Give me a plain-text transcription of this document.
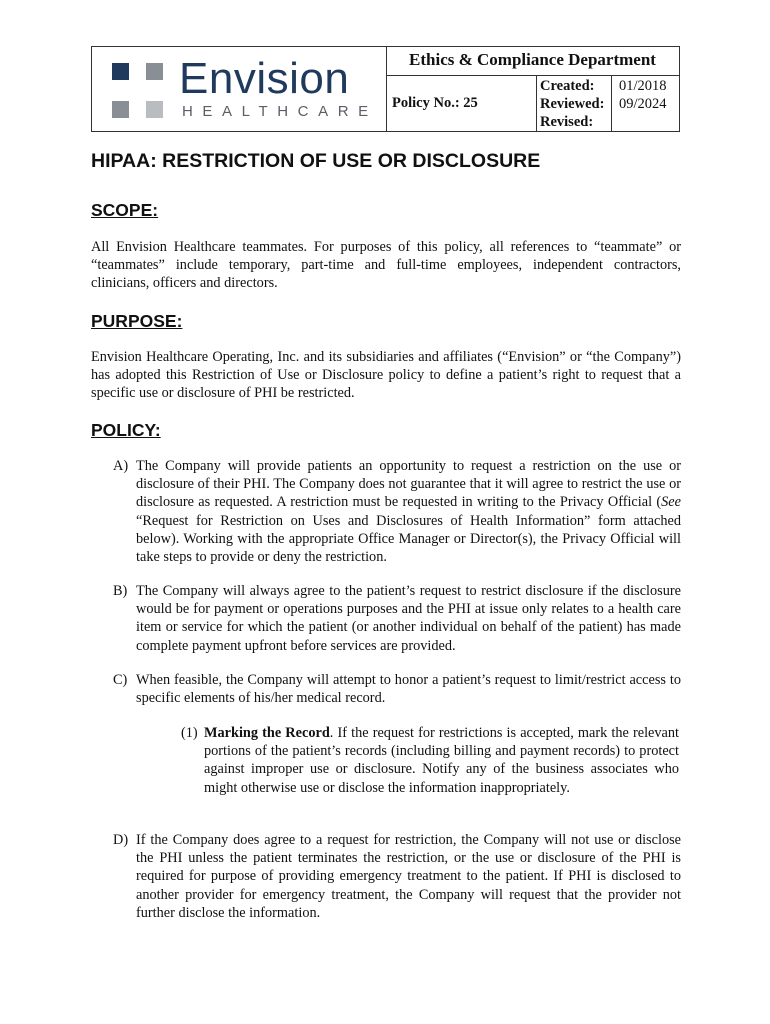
Envision
HEALTHCARE
Ethics & Compliance Department
Policy No.: 25
Created: 01/2018
Reviewed: 09/2024
Revised:
HIPAA: RESTRICTION OF USE OR DISCLOSURE
SCOPE:

All Envision Healthcare teammates. For purposes of this policy, all references to “teammate” or “teammates” include temporary, part-time and full-time employees, independent contractors, clinicians, officers and directors.

PURPOSE:

Envision Healthcare Operating, Inc. and its subsidiaries and affiliates (“Envision” or “the Company”) has adopted this Restriction of Use or Disclosure policy to define a patient’s right to request that a specific use or disclosure of PHI be restricted.

POLICY:
A) The Company will provide patients an opportunity to request a restriction on the use or disclosure of their PHI. The Company does not guarantee that it will agree to restrict the use or disclosure as requested. A restriction must be requested in writing to the Privacy Official (See “Request for Restriction on Uses and Disclosures of Health Information” form attached below). Working with the appropriate Office Manager or Director(s), the Privacy Official will take steps to provide or deny the restriction.
B) The Company will always agree to the patient’s request to restrict disclosure if the disclosure would be for payment or operations purposes and the PHI at issue only relates to a health care item or service for which the patient (or another individual on behalf of the patient) has made complete payment upfront before services are provided.
C) When feasible, the Company will attempt to honor a patient’s request to limit/restrict access to specific elements of his/her medical record.
(1) Marking the Record. If the request for restrictions is accepted, mark the relevant portions of the patient’s records (including billing and payment records) to protect against improper use or disclosure. Notify any of the business associates who might otherwise use or disclose the information inappropriately.
D) If the Company does agree to a request for restriction, the Company will not use or disclose the PHI unless the patient terminates the restriction, or the use or disclosure of the PHI is required for purpose of providing emergency treatment to the patient. If PHI is disclosed to another provider for emergency treatment, the Company will request that the provider not further disclose the information.
